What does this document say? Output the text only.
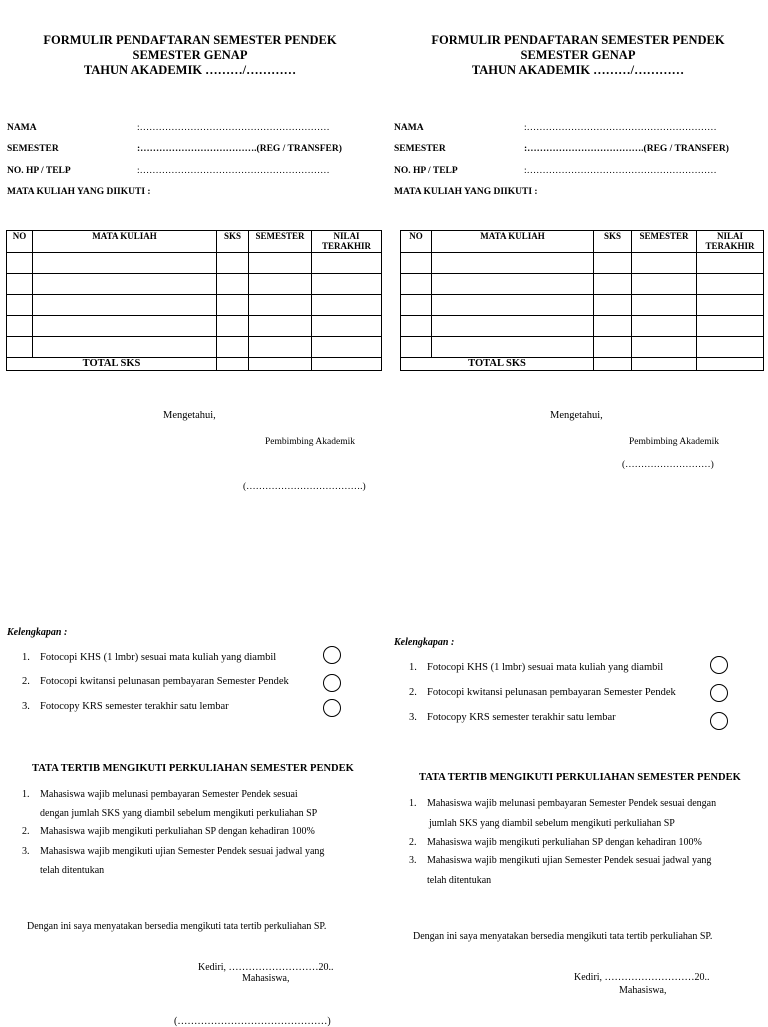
FORMULIR PENDAFTARAN SEMESTER PENDEK
SEMESTER GENAP
TAHUN AKADEMIK ………/…………
NAMA	:……………………………………………………
SEMESTER	:……………………………….(REG / TRANSFER)
NO. HP / TELP	:……………………………………………………
MATA KULIAH YANG DIIKUTI :
NO	MATA KULIAH	SKS	SEMESTER	NILAI TERAKHIR

TOTAL SKS				
Mengetahui,
Pembimbing Akademik
(……………………………….)
Kelengkapan :
1. Fotocopi KHS (1 lmbr) sesuai mata kuliah yang diambil
2. Fotocopi kwitansi pelunasan pembayaran Semester Pendek
3. Fotocopy KRS semester terakhir satu lembar
TATA TERTIB MENGIKUTI PERKULIAHAN SEMESTER PENDEK
1. Mahasiswa wajib melunasi pembayaran Semester Pendek sesuai
dengan jumlah SKS yang diambil sebelum mengikuti perkuliahan SP
2. Mahasiswa wajib mengikuti perkuliahan SP dengan kehadiran 100%
3. Mahasiswa wajib mengikuti ujian Semester Pendek sesuai jadwal yang
telah ditentukan
Dengan ini saya menyatakan bersedia mengikuti tata tertib perkuliahan SP.
Kediri, ………………………20..
Mahasiswa,
(………………………………………)
FORMULIR PENDAFTARAN SEMESTER PENDEK
SEMESTER GENAP
TAHUN AKADEMIK ………/…………
NAMA	:……………………………………………………
SEMESTER	:……………………………….(REG / TRANSFER)
NO. HP / TELP	:……………………………………………………
MATA KULIAH YANG DIIKUTI :
NO	MATA KULIAH	SKS	SEMESTER	NILAI TERAKHIR

TOTAL SKS				
Mengetahui,
Pembimbing Akademik
(………………………)
Kelengkapan :
1. Fotocopi KHS (1 lmbr) sesuai mata kuliah yang diambil
2. Fotocopi kwitansi pelunasan pembayaran Semester Pendek
3. Fotocopy KRS semester terakhir satu lembar
TATA TERTIB MENGIKUTI PERKULIAHAN SEMESTER PENDEK
1. Mahasiswa wajib melunasi pembayaran Semester Pendek sesuai dengan
jumlah SKS yang diambil sebelum mengikuti perkuliahan SP
2. Mahasiswa wajib mengikuti perkuliahan SP dengan kehadiran 100%
3. Mahasiswa wajib mengikuti ujian Semester Pendek sesuai jadwal yang
telah ditentukan
Dengan ini saya menyatakan bersedia mengikuti tata tertib perkuliahan SP.
Kediri, ………………………20..
Mahasiswa,
